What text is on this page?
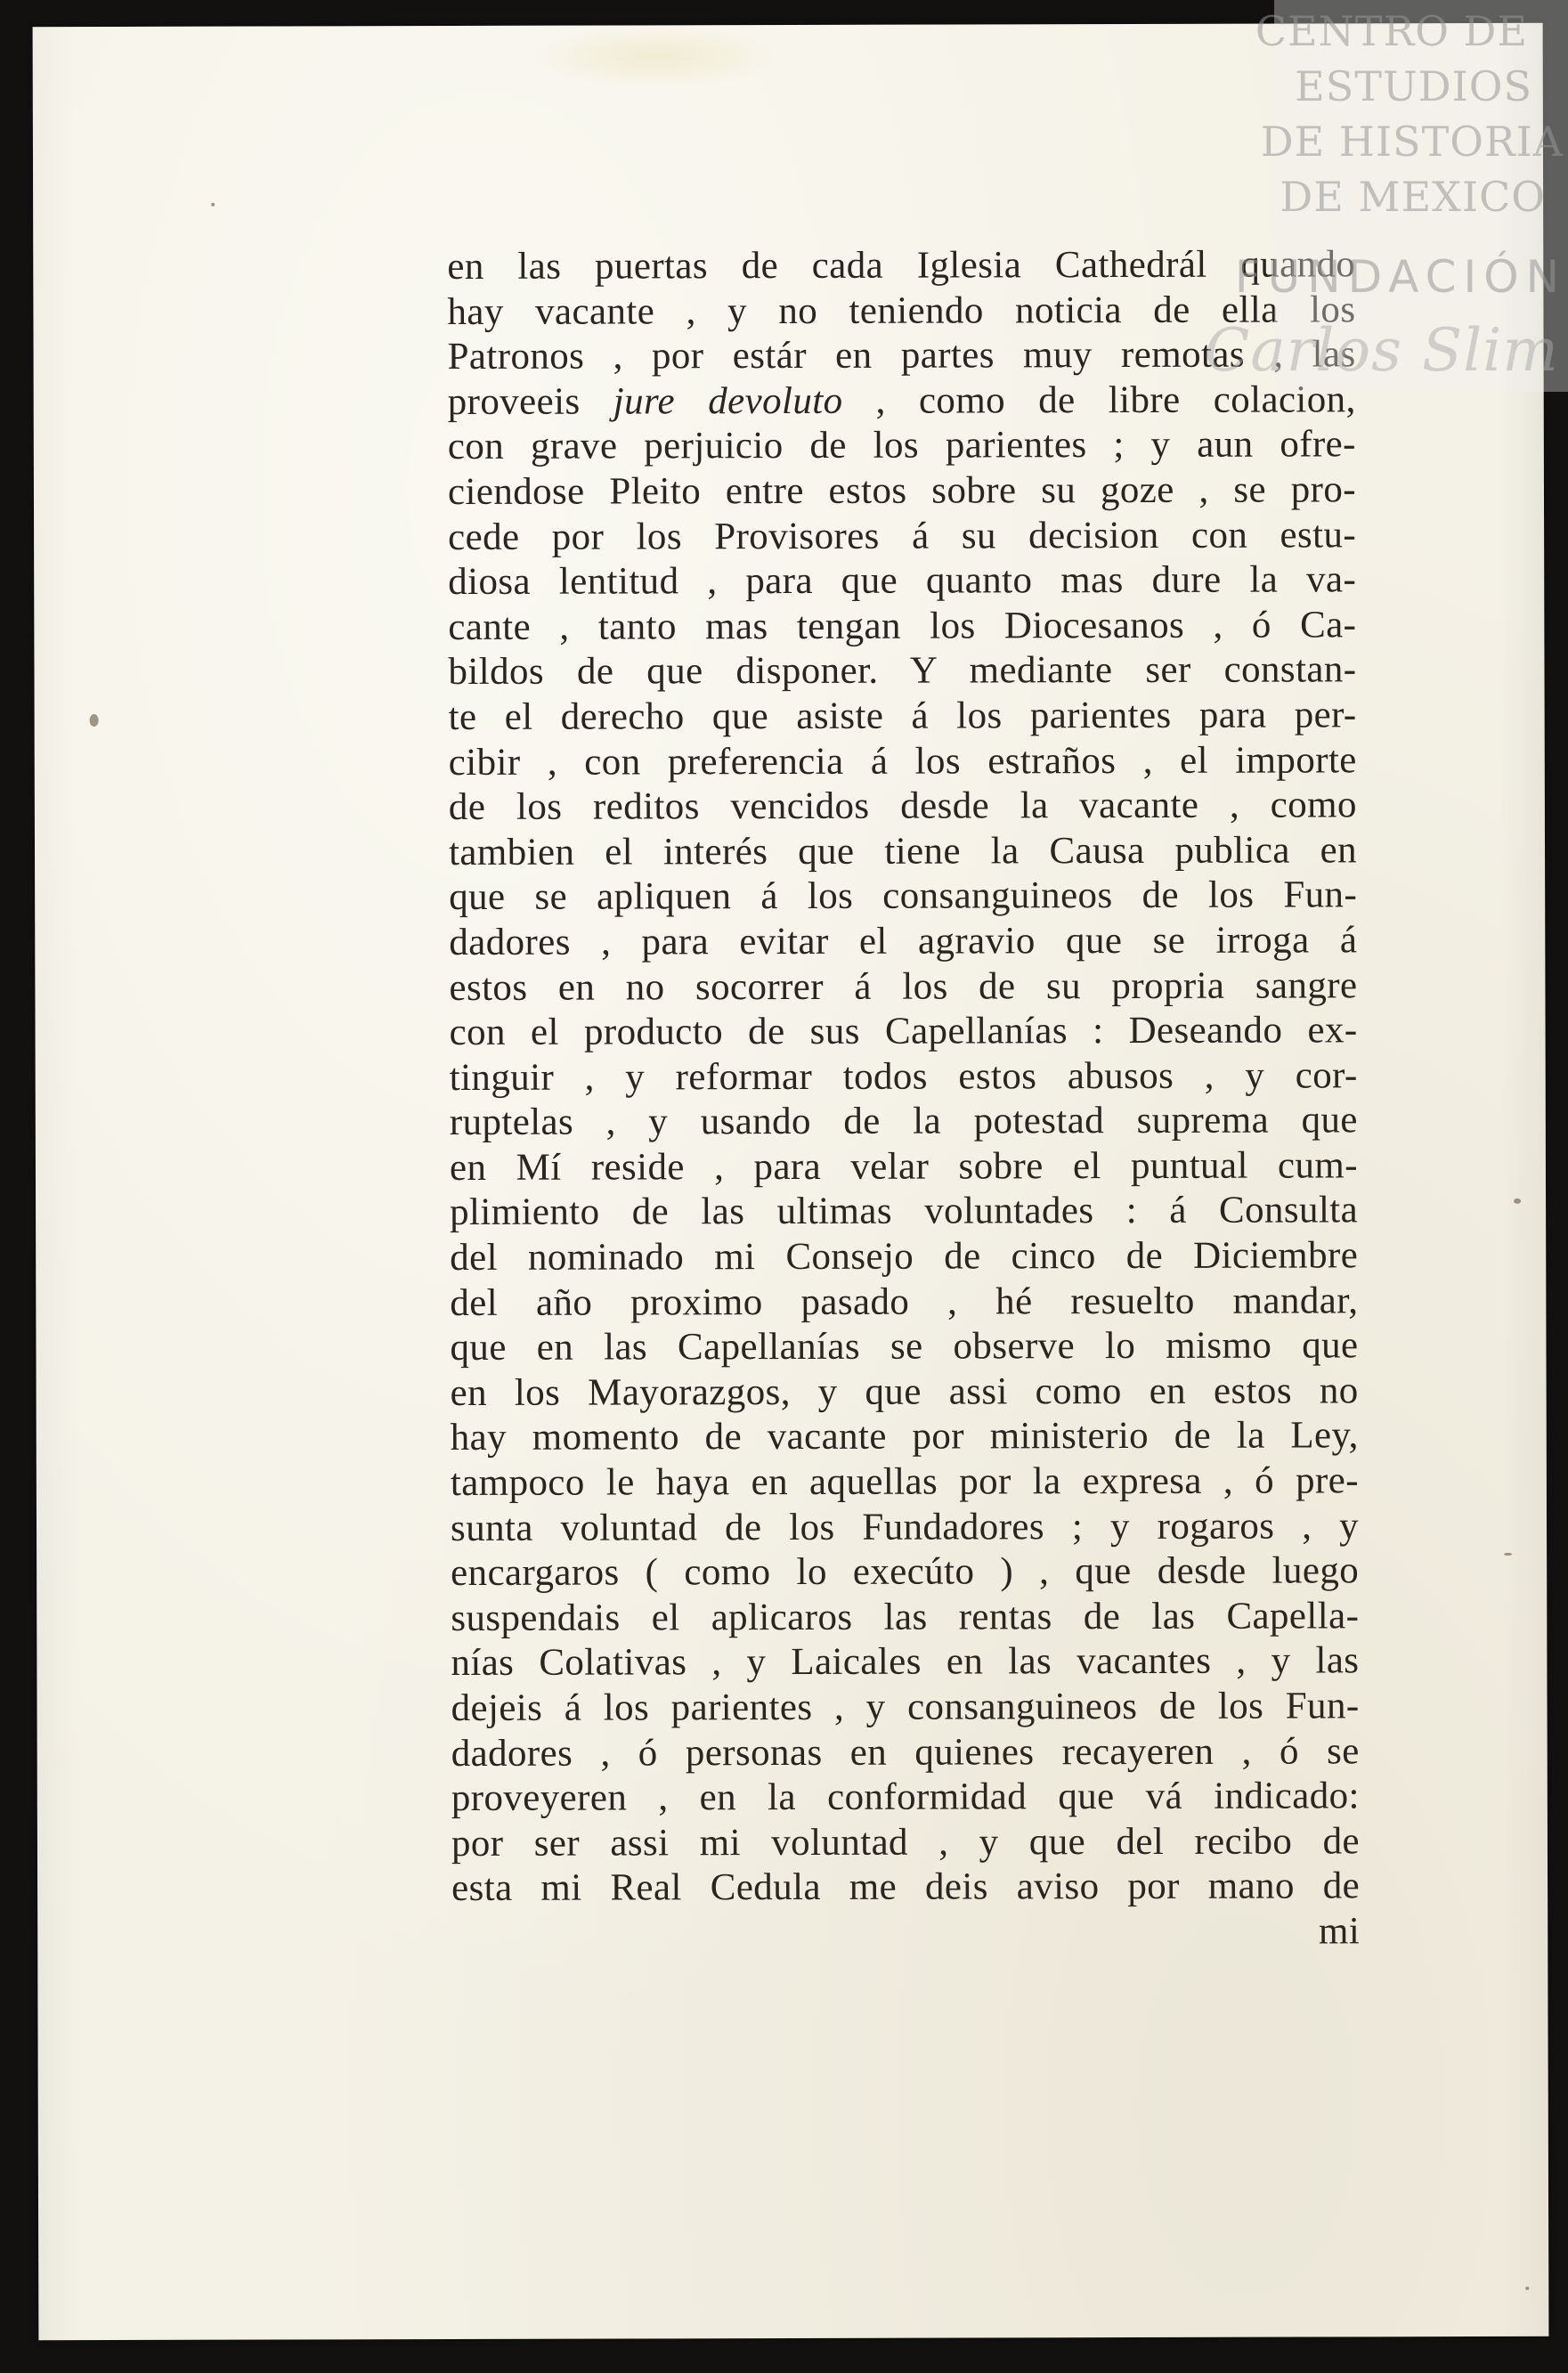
en las puertas de cada Iglesia Cathedrál quando
hay vacante , y no teniendo noticia de ella los
Patronos , por estár en partes muy remotas , las
proveeis jure devoluto , como de libre colacion,
con grave perjuicio de los parientes ; y aun ofre-
ciendose Pleito entre estos sobre su goze , se pro-
cede por los Provisores á su decision con estu-
diosa lentitud , para que quanto mas dure la va-
cante , tanto mas tengan los Diocesanos , ó Ca-
bildos de que disponer. Y mediante ser constan-
te el derecho que asiste á los parientes para per-
cibir , con preferencia á los estraños , el importe
de los reditos vencidos desde la vacante , como
tambien el interés que tiene la Causa publica en
que se apliquen á los consanguineos de los Fun-
dadores , para evitar el agravio que se irroga á
estos en no socorrer á los de su propria sangre
con el producto de sus Capellanías : Deseando ex-
tinguir , y reformar todos estos abusos , y cor-
ruptelas , y usando de la potestad suprema que
en Mí reside , para velar sobre el puntual cum-
plimiento de las ultimas voluntades : á Consulta
del nominado mi Consejo de cinco de Diciembre
del año proximo pasado , hé resuelto mandar,
que en las Capellanías se observe lo mismo que
en los Mayorazgos, y que assi como en estos no
hay momento de vacante por ministerio de la Ley,
tampoco le haya en aquellas por la expresa , ó pre-
sunta voluntad de los Fundadores ; y rogaros , y
encargaros ( como lo execúto ) , que desde luego
suspendais el aplicaros las rentas de las Capella-
nías Colativas , y Laicales en las vacantes , y las
dejeis á los parientes , y consanguineos de los Fun-
dadores , ó personas en quienes recayeren , ó se
proveyeren , en la conformidad que vá indicado:
por ser assi mi voluntad , y que del recibo de
esta mi Real Cedula me deis aviso por mano de
mi
CENTRO DE
ESTUDIOS
DE HISTORIA
DE MEXICO
FUNDACIÓN
Carlos Slim
